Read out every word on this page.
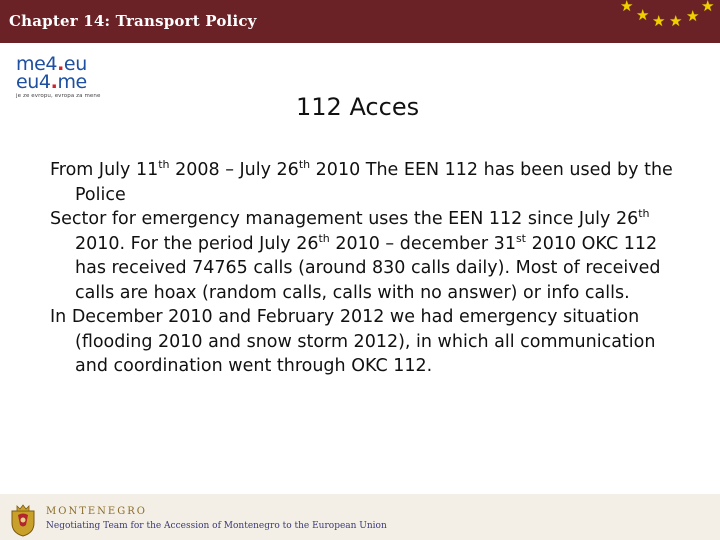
Chapter 14: Transport Policy
★ ★ ★ ★ ★
★
me4.eu
eu4.me
je ze evropu, evropa za mene	112 Acces
From July 11th 2008 – July 26th 2010 The EEN 112 has been used by the Police
Sector for emergency management uses the EEN 112 since July 26th 2010. For the period July 26th 2010 – december 31st 2010 OKC 112 has received 74765 calls (around 830 calls daily). Most of received calls are hoax (random calls, calls with no answer) or info calls.
In December 2010 and February 2012 we had emergency situation (flooding 2010 and snow storm 2012), in which all communication and coordination went through OKC 112.
MONTENEGRO
Negotiating Team for the Accession of Montenegro to the European Union
